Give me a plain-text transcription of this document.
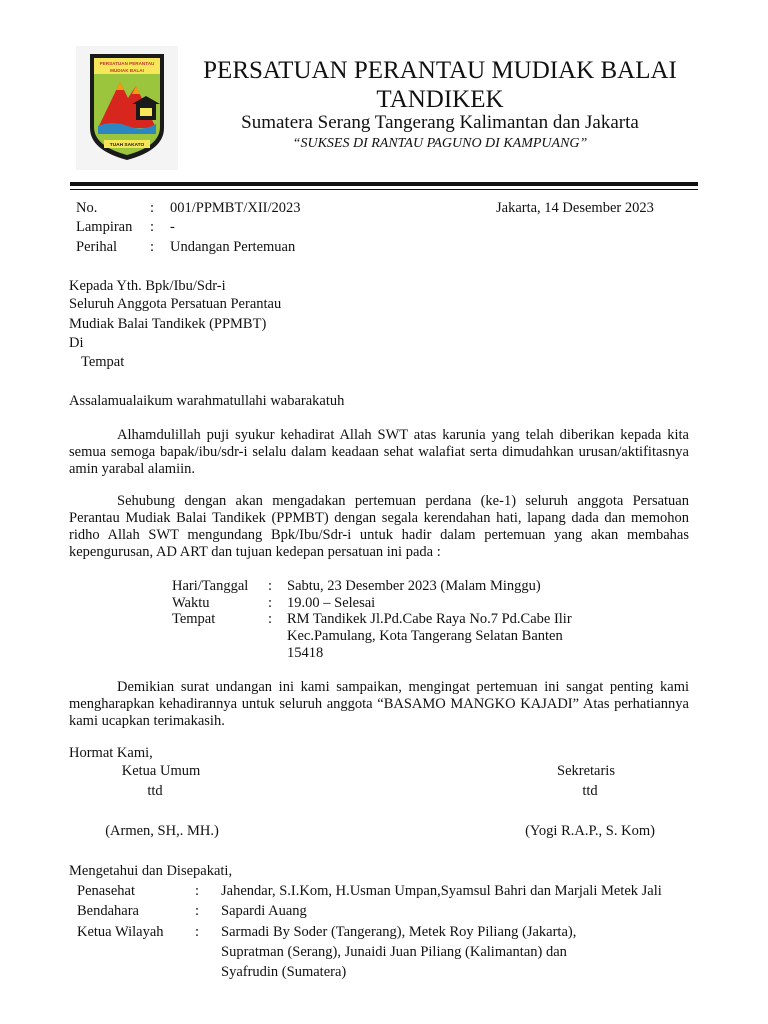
PERSATUAN PERANTAU
MUDIAK BALAI
TUAH SAKATO
PERSATUAN PERANTAU MUDIAK BALAI TANDIKEK
Sumatera Serang Tangerang Kalimantan dan Jakarta
“SUKSES DI RANTAU PAGUNO DI KAMPUANG”
No.	: 001/PPMBT/XII/2023
Lampiran : -
Perihal : Undangan Pertemuan
Jakarta, 14 Desember 2023
Kepada Yth. Bpk/Ibu/Sdr-i
Seluruh Anggota Persatuan Perantau
Mudiak Balai Tandikek (PPMBT)
Di
Tempat
Assalamualaikum warahmatullahi wabarakatuh

Alhamdulillah puji syukur kehadirat Allah SWT atas karunia yang telah diberikan kepada kita semua semoga bapak/ibu/sdr-i selalu dalam keadaan sehat walafiat serta dimudahkan urusan/aktifitasnya amin yarabal alamiin.

Sehubung dengan akan mengadakan pertemuan perdana (ke-1) seluruh anggota Persatuan Perantau Mudiak Balai Tandikek (PPMBT) dengan segala kerendahan hati, lapang dada dan memohon ridho Allah SWT mengundang Bpk/Ibu/Sdr-i untuk hadir dalam pertemuan yang akan membahas kepengurusan, AD ART dan tujuan kedepan persatuan ini pada :

Hari/Tanggal : Sabtu, 23 Desember 2023 (Malam Minggu)
Waktu	: 19.00 – Selesai
Tempat	: RM Tandikek Jl.Pd.Cabe Raya No.7 Pd.Cabe Ilir
Kec.Pamulang, Kota Tangerang Selatan Banten
15418

Demikian surat undangan ini kami sampaikan, mengingat pertemuan ini sangat penting kami mengharapkan kehadirannya untuk seluruh anggota “BASAMO MANGKO KAJADI” Atas perhatiannya kami ucapkan terimakasih.

Hormat Kami,
Ketua Umum
ttd
(Armen, SH,. MH.)
Sekretaris
ttd
(Yogi R.A.P., S. Kom)
Mengetahui dan Disepakati,
Penasehat	: Jahendar, S.I.Kom, H.Usman Umpan,Syamsul Bahri dan Marjali Metek Jali
Bendahara	: Sapardi Auang
Ketua Wilayah : Sarmadi By Soder (Tangerang), Metek Roy Piliang (Jakarta),
Supratman (Serang), Junaidi Juan Piliang (Kalimantan) dan
Syafrudin (Sumatera)
